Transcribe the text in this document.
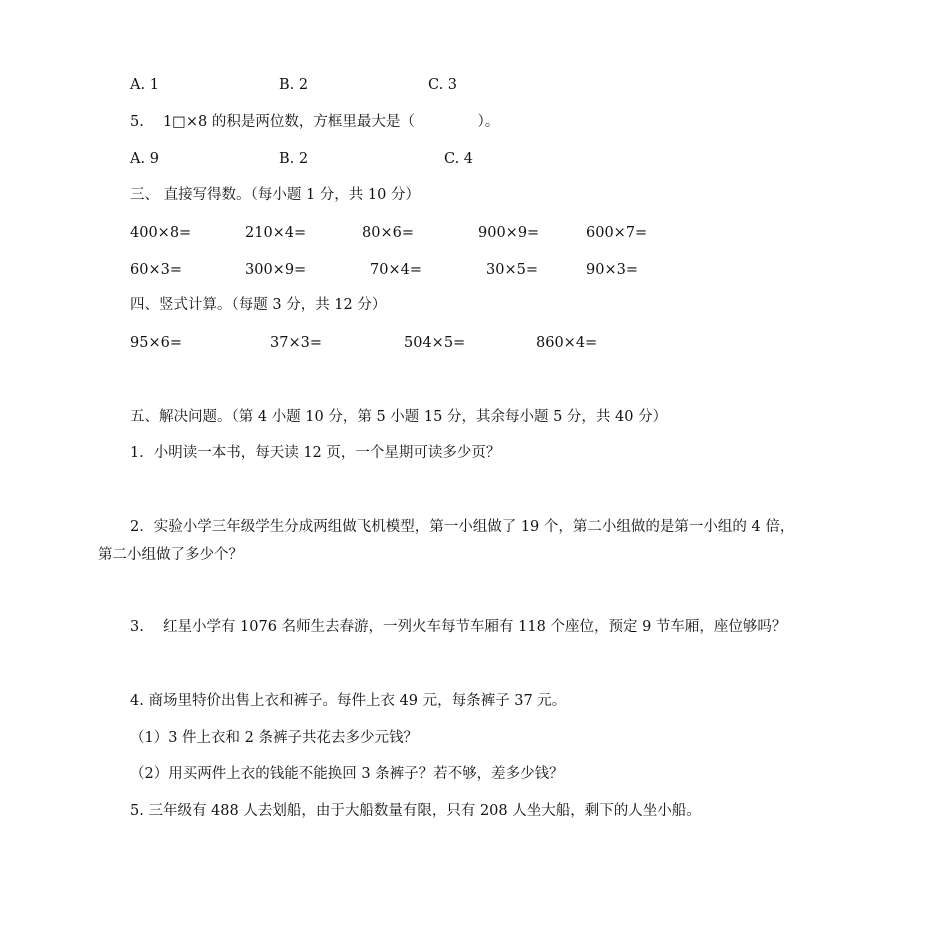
A. 1	B. 2	C. 3
5.　 1□×8 的积是两位数，方框里最大是（　　　　 ）。
A. 9	B. 2	C. 4
三、 直接写得数。（每小题 1 分，共 10 分）
400×8=	210×4=	80×6=	900×9=	600×7=
60×3=	300×9=	70×4=	30×5=	90×3=
四、竖式计算。（每题 3 分，共 12 分）
95×6=	37×3=	504×5=	860×4=
五、解决问题。（第 4 小题 10 分，第 5 小题 15 分，其余每小题 5 分，共 40 分）
1．小明读一本书，每天读 12 页，一个星期可读多少页？
2．实验小学三年级学生分成两组做飞机模型，第一小组做了 19 个，第二小组做的是第一小组的 4 倍，
第二小组做了多少个？
3.　 红星小学有 1076 名师生去春游，一列火车每节车厢有 118 个座位，预定 9 节车厢，座位够吗？
4. 商场里特价出售上衣和裤子。每件上衣 49 元，每条裤子 37 元。
（1）3 件上衣和 2 条裤子共花去多少元钱？
（2）用买两件上衣的钱能不能换回 3 条裤子？若不够，差多少钱？
5. 三年级有 488 人去划船，由于大船数量有限，只有 208 人坐大船，剩下的人坐小船。
